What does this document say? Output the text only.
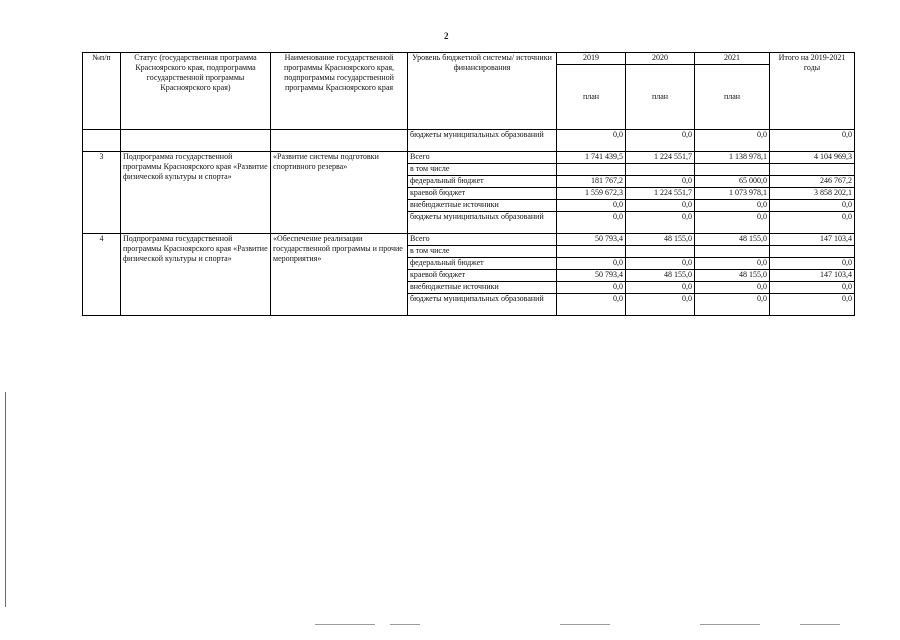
2
№п/п	Статус (государственная программа Красноярского края, подпрограмма государственной программы Красноярского края)	Наименование государственной программы Красноярского края, подпрограммы государственной программы Красноярского края	Уровень бюджетной системы/ источники финансирования	2019	2020	2021	Итого на 2019-2021 годы
				план	план	план	
			бюджеты муниципальных образований	0,0	0,0	0,0	0,0
3	Подпрограмма государственной программы Красноярского края «Развитие физической культуры и спорта»	«Развитие системы подготовки спортивного резерва»	Всего	1 741 439,5	1 224 551,7	1 138 978,1	4 104 969,3
			в том числе				
			федеральный бюджет	181 767,2	0,0	65 000,0	246 767,2
			краевой бюджет	1 559 672,3	1 224 551,7	1 073 978,1	3 858 202,1
			внебюджетные источники	0,0	0,0	0,0	0,0
			бюджеты муниципальных образований	0,0	0,0	0,0	0,0
4	Подпрограмма государственной программы Красноярского края «Развитие физической культуры и спорта»	«Обеспечение реализации государственной программы и прочие мероприятия»	Всего	50 793,4	48 155,0	48 155,0	147 103,4
			в том числе				
			федеральный бюджет	0,0	0,0	0,0	0,0
			краевой бюджет	50 793,4	48 155,0	48 155,0	147 103,4
			внебюджетные источники	0,0	0,0	0,0	0,0
			бюджеты муниципальных образований	0,0	0,0	0,0	0,0
